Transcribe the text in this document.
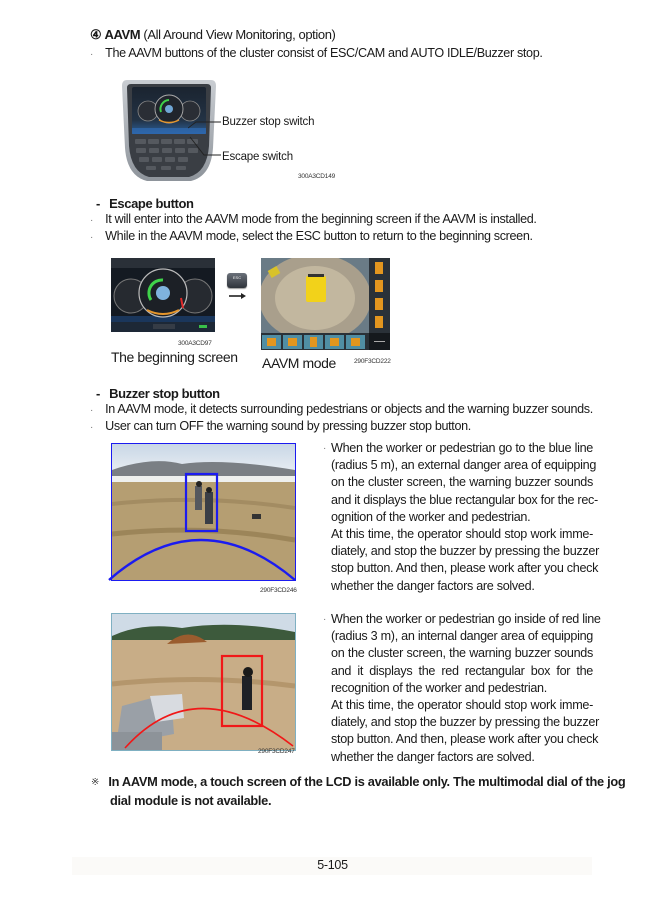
④ AAVM (All Around View Monitoring, option)
· The AAVM buttons of the cluster consist of ESC/CAM and AUTO IDLE/Buzzer stop.
Buzzer stop switch
Escape switch
300A3CD149
- Escape button
· It will enter into the AAVM mode from the beginning screen if the AAVM is installed.
· While in the AAVM mode, select the ESC button to return to the beginning screen.
300A3CD97
The beginning screen
ESC
AAVM mode	290F3CD222
- Buzzer stop button
· In AAVM mode, it detects surrounding pedestrians or objects and the warning buzzer sounds.
· User can turn OFF the warning sound by pressing buzzer stop button.
290F3CD246
· When the worker or pedestrian go to the blue line
(radius 5 m), an external danger area of equipping
on the cluster screen, the warning buzzer sounds
and it displays the blue rectangular box for the rec-
ognition of the worker and pedestrian.
At this time, the operator should stop work imme-
diately, and stop the buzzer by pressing the buzzer
stop button. And then, please work after you check
whether the danger factors are solved.
290F3CD247
· When the worker or pedestrian go inside of red line
(radius 3 m), an internal danger area of equipping
on the cluster screen, the warning buzzer sounds
and it displays the red rectangular box for the
recognition of the worker and pedestrian.
At this time, the operator should stop work imme-
diately, and stop the buzzer by pressing the buzzer
stop button. And then, please work after you check
whether the danger factors are solved.
※ In AAVM mode, a touch screen of the LCD is available only. The multimodal dial of the jog
dial module is not available.
5-105
